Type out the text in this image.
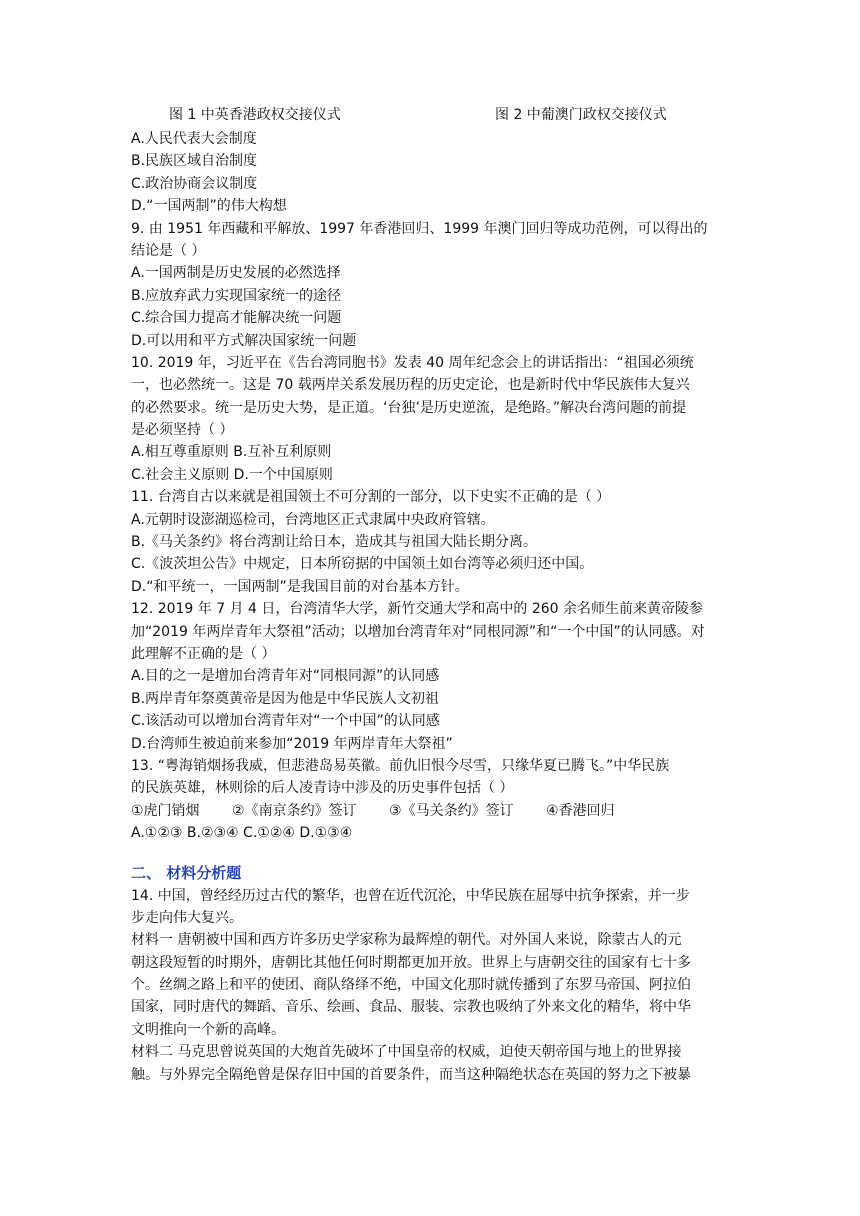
图 1 中英香港政权交接仪式	图 2 中葡澳门政权交接仪式
A.人民代表大会制度
B.民族区域自治制度
C.政治协商会议制度
D.“一国两制”的伟大构想
9. 由 1951 年西藏和平解放、1997 年香港回归、1999 年澳门回归等成功范例，可以得出的
结论是（ ）
A.一国两制是历史发展的必然选择
B.应放弃武力实现国家统一的途径
C.综合国力提高才能解决统一问题
D.可以用和平方式解决国家统一问题
10. 2019 年，习近平在《告台湾同胞书》发表 40 周年纪念会上的讲话指出：“祖国必须统
一，也必然统一。这是 70 载两岸关系发展历程的历史定论，也是新时代中华民族伟大复兴
的必然要求。统一是历史大势，是正道。‘台独’是历史逆流，是绝路。”解决台湾问题的前提
是必须坚持（ ）
A.相互尊重原则 B.互补互利原则
C.社会主义原则 D.一个中国原则
11. 台湾自古以来就是祖国领土不可分割的一部分，以下史实不正确的是（ ）
A.元朝时设澎湖巡检司，台湾地区正式隶属中央政府管辖。
B.《马关条约》将台湾割让给日本，造成其与祖国大陆长期分离。
C.《波茨坦公告》中规定，日本所窃据的中国领土如台湾等必须归还中国。
D.“和平统一，一国两制”是我国目前的对台基本方针。
12. 2019 年 7 月 4 日，台湾清华大学，新竹交通大学和高中的 260 余名师生前来黄帝陵参
加“2019 年两岸青年大祭祖”活动；以增加台湾青年对“同根同源”和“一个中国”的认同感。对
此理解不正确的是（ ）
A.目的之一是增加台湾青年对“同根同源”的认同感
B.两岸青年祭奠黄帝是因为他是中华民族人文初祖
C.该活动可以增加台湾青年对“一个中国”的认同感
D.台湾师生被迫前来参加“2019 年两岸青年大祭祖”
13. “粤海销烟扬我威，但悲港岛易英徽。前仇旧恨今尽雪，只缘华夏已腾飞。”中华民族
的民族英雄，林则徐的后人凌青诗中涉及的历史事件包括（ ）
①虎门销烟 ②《南京条约》签订 ③《马关条约》签订 ④香港回归
A.①②③ B.②③④ C.①②④ D.①③④
二、 材料分析题
14. 中国，曾经经历过古代的繁华，也曾在近代沉沦，中华民族在屈辱中抗争探索，并一步
步走向伟大复兴。
材料一 唐朝被中国和西方许多历史学家称为最辉煌的朝代。对外国人来说，除蒙古人的元
朝这段短暂的时期外，唐朝比其他任何时期都更加开放。世界上与唐朝交往的国家有七十多
个。丝绸之路上和平的使团、商队络绎不绝，中国文化那时就传播到了东罗马帝国、阿拉伯
国家，同时唐代的舞蹈、音乐、绘画、食品、服装、宗教也吸纳了外来文化的精华，将中华
文明推向一个新的高峰。
材料二 马克思曾说英国的大炮首先破坏了中国皇帝的权威，迫使天朝帝国与地上的世界接
触。与外界完全隔绝曾是保存旧中国的首要条件，而当这种隔绝状态在英国的努力之下被暴
